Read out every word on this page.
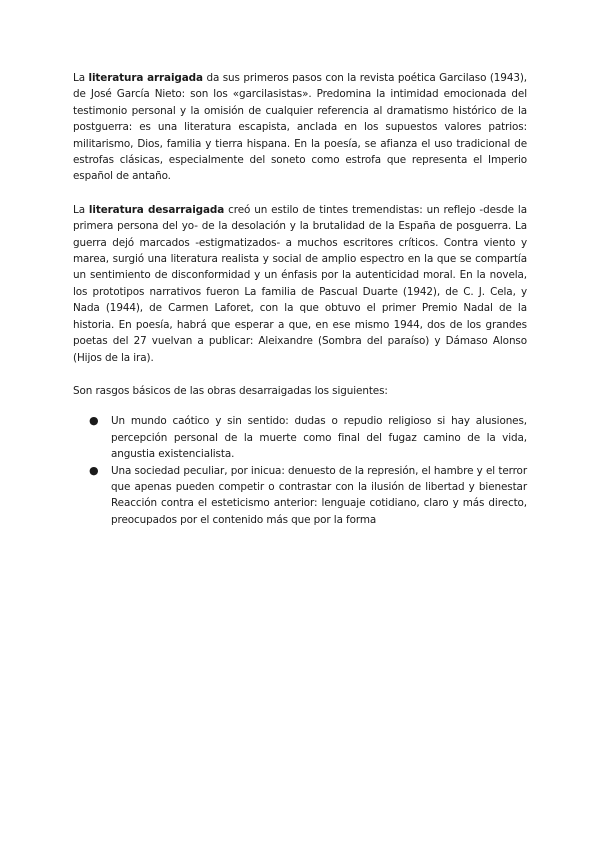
La literatura arraigada da sus primeros pasos con la revista poética Garcilaso (1943), de José García Nieto: son los «garcilasistas». Predomina la intimidad emocionada del testimonio personal y la omisión de cualquier referencia al dramatismo histórico de la postguerra: es una literatura escapista, anclada en los supuestos valores patrios: militarismo, Dios, familia y tierra hispana. En la poesía, se afianza el uso tradicional de estrofas clásicas, especialmente del soneto como estrofa que representa el Imperio español de antaño.

La literatura desarraigada creó un estilo de tintes tremendistas: un reflejo -desde la primera persona del yo- de la desolación y la brutalidad de la España de posguerra. La guerra dejó marcados -estigmatizados- a muchos escritores críticos. Contra viento y marea, surgió una literatura realista y social de amplio espectro en la que se compartía un sentimiento de disconformidad y un énfasis por la autenticidad moral. En la novela, los prototipos narrativos fueron La familia de Pascual Duarte (1942), de C. J. Cela, y Nada (1944), de Carmen Laforet, con la que obtuvo el primer Premio Nadal de la historia. En poesía, habrá que esperar a que, en ese mismo 1944, dos de los grandes poetas del 27 vuelvan a publicar: Aleixandre (Sombra del paraíso) y Dámaso Alonso (Hijos de la ira).

Son rasgos básicos de las obras desarraigadas los siguientes:

● Un mundo caótico y sin sentido: dudas o repudio religioso si hay alusiones, percepción personal de la muerte como final del fugaz camino de la vida, angustia existencialista.
● Una sociedad peculiar, por inicua: denuesto de la represión, el hambre y el terror que apenas pueden competir o contrastar con la ilusión de libertad y bienestar Reacción contra el esteticismo anterior: lenguaje cotidiano, claro y más directo, preocupados por el contenido más que por la forma
